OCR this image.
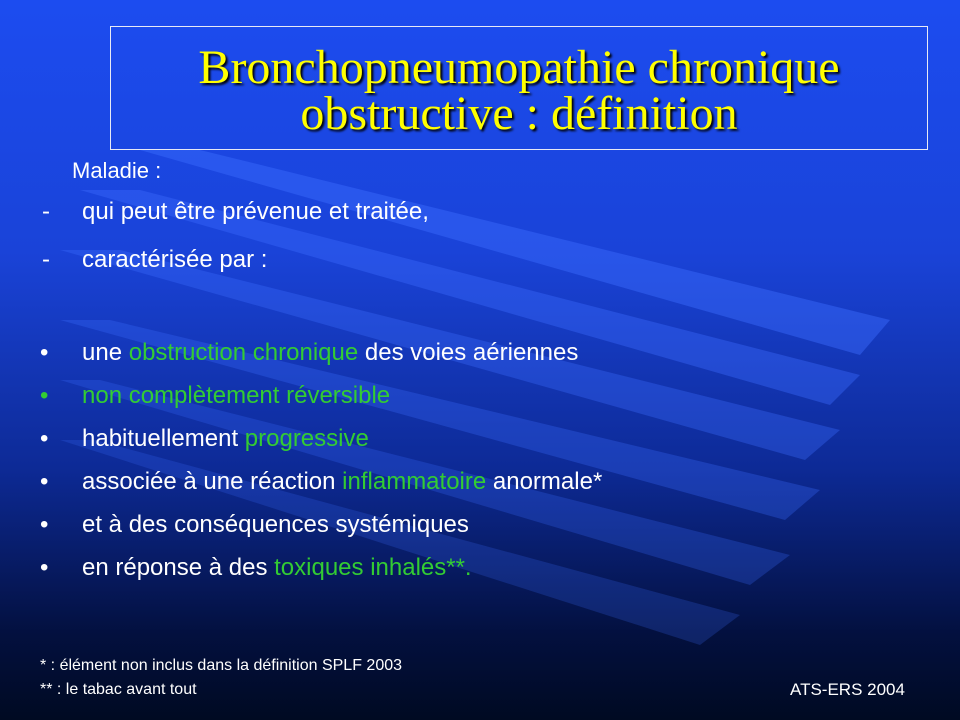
Bronchopneumopathie chronique
obstructive : définition
Maladie :
- qui peut être prévenue et traitée,
- caractérisée par :
• une obstruction chronique des voies aériennes
• non complètement réversible
• habituellement progressive
• associée à une réaction inflammatoire anormale*
• et à des conséquences systémiques
• en réponse à des toxiques inhalés**.
* : élément non inclus dans la définition SPLF 2003
** : le tabac avant tout	ATS-ERS 2004
